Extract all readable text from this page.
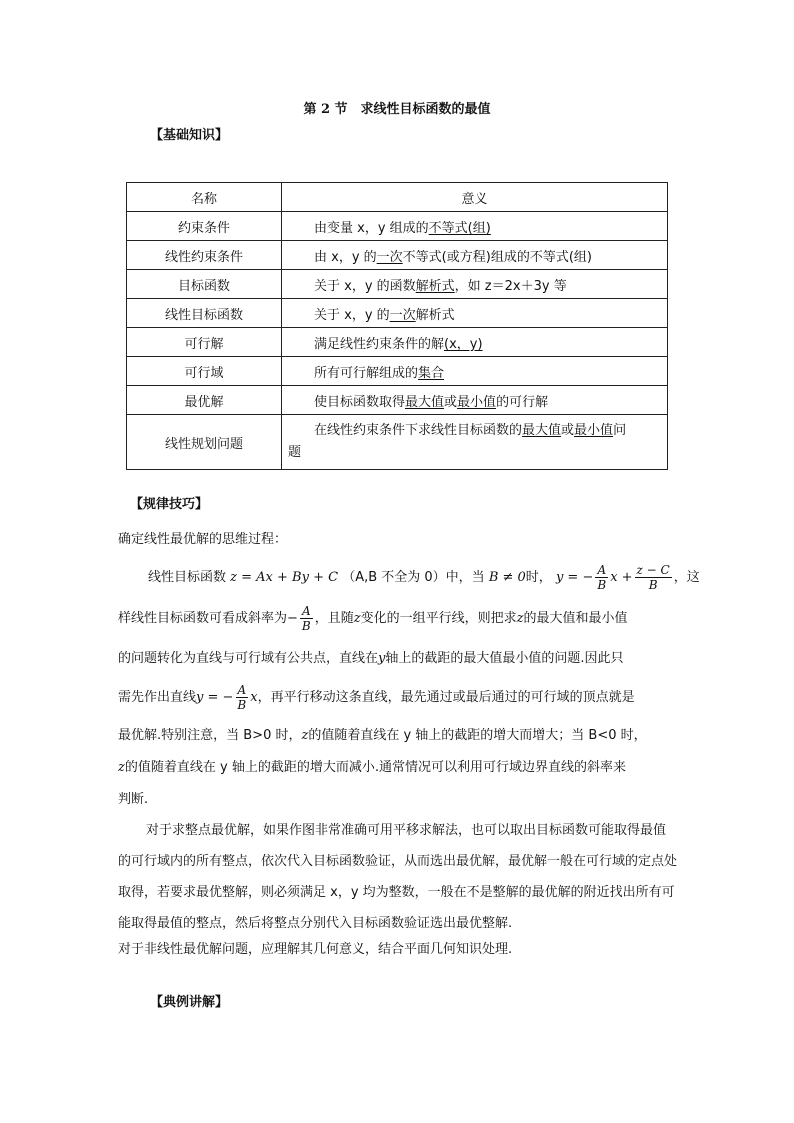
第 2 节　求线性目标函数的最值
【基础知识】
名称	意义
约束条件	由变量 x，y 组成的不等式(组)
线性约束条件	由 x，y 的一次不等式(或方程)组成的不等式(组)
目标函数	关于 x，y 的函数解析式，如 z＝2x＋3y 等
线性目标函数	关于 x，y 的一次解析式
可行解	满足线性约束条件的解(x，y)
可行域	所有可行解组成的集合
最优解	使目标函数取得最大值或最小值的可行解
线性规划问题	在线性约束条件下求线性目标函数的最大值或最小值问
题
【规律技巧】
确定线性最优解的思维过程：
线性目标函数 z = Ax + By + C （A,B 不全为 0）中，当 B ≠ 0时， y = − $\frac{A}{B}$ $x + \frac{z - C}{B}$ ，这
样线性目标函数可看成斜率为− $\frac{A}{B}$ ，且随z变化的一组平行线，则把求z的最大值和最小值
的问题转化为直线与可行域有公共点，直线在y轴上的截距的最大值最小值的问题.因此只
需先作出直线y = − $\frac{A}{B}$ x，再平行移动这条直线，最先通过或最后通过的可行域的顶点就是
最优解.特别注意，当 B>0 时，z的值随着直线在 y 轴上的截距的增大而增大；当 B<0 时，
z的值随着直线在 y 轴上的截距的增大而减小.通常情况可以利用可行域边界直线的斜率来
判断.
对于求整点最优解，如果作图非常准确可用平移求解法，也可以取出目标函数可能取得最值的可行域内的所有整点，依次代入目标函数验证，从而选出最优解，最优解一般在可行域的定点处取得，若要求最优整解，则必须满足 x，y 均为整数，一般在不是整解的最优解的附近找出所有可能取得最值的整点，然后将整点分别代入目标函数验证选出最优整解.
对于非线性最优解问题，应理解其几何意义，结合平面几何知识处理.
【典例讲解】
